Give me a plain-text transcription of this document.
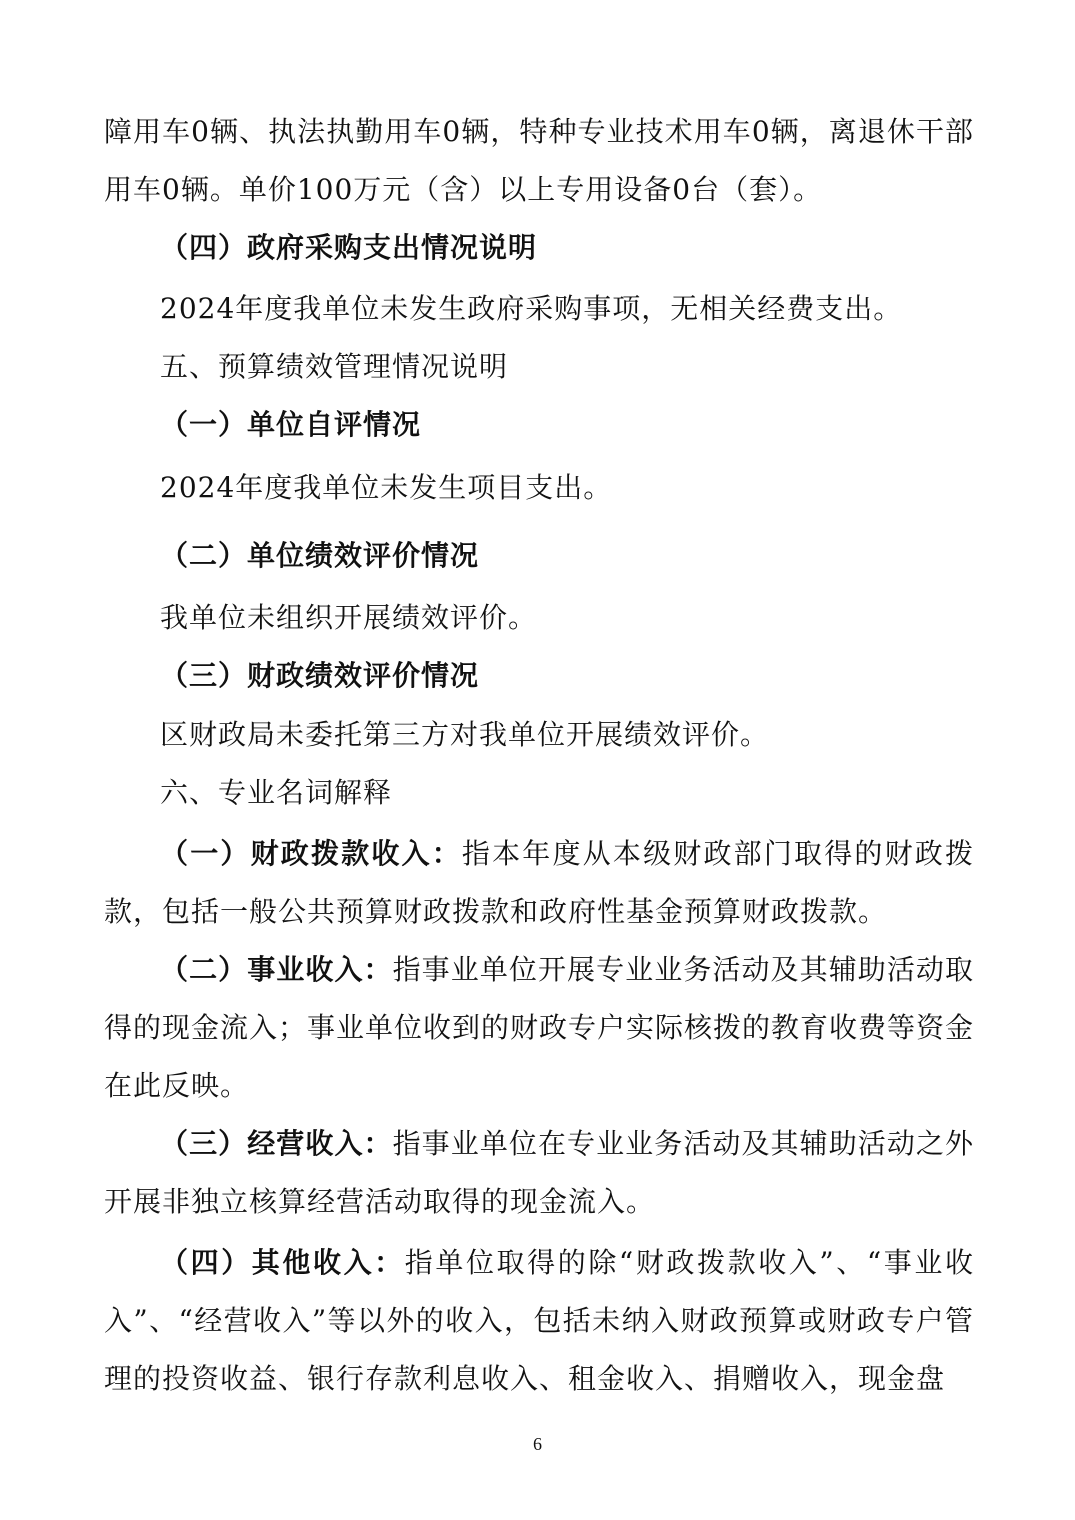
障用车0辆、执法执勤用车0辆，特种专业技术用车0辆，离退休干部用车0辆。单价100万元（含）以上专用设备0台（套）。
（四）政府采购支出情况说明
2024年度我单位未发生政府采购事项，无相关经费支出。
五、预算绩效管理情况说明
（一）单位自评情况
2024年度我单位未发生项目支出。
（二）单位绩效评价情况
我单位未组织开展绩效评价。
（三）财政绩效评价情况
区财政局未委托第三方对我单位开展绩效评价。
六、专业名词解释
（一）财政拨款收入：指本年度从本级财政部门取得的财政拨款，包括一般公共预算财政拨款和政府性基金预算财政拨款。
（二）事业收入：指事业单位开展专业业务活动及其辅助活动取得的现金流入；事业单位收到的财政专户实际核拨的教育收费等资金在此反映。
（三）经营收入：指事业单位在专业业务活动及其辅助活动之外开展非独立核算经营活动取得的现金流入。
（四）其他收入：指单位取得的除“财政拨款收入”、“事业收入”、“经营收入”等以外的收入，包括未纳入财政预算或财政专户管理的投资收益、银行存款利息收入、租金收入、捐赠收入，现金盘
6
